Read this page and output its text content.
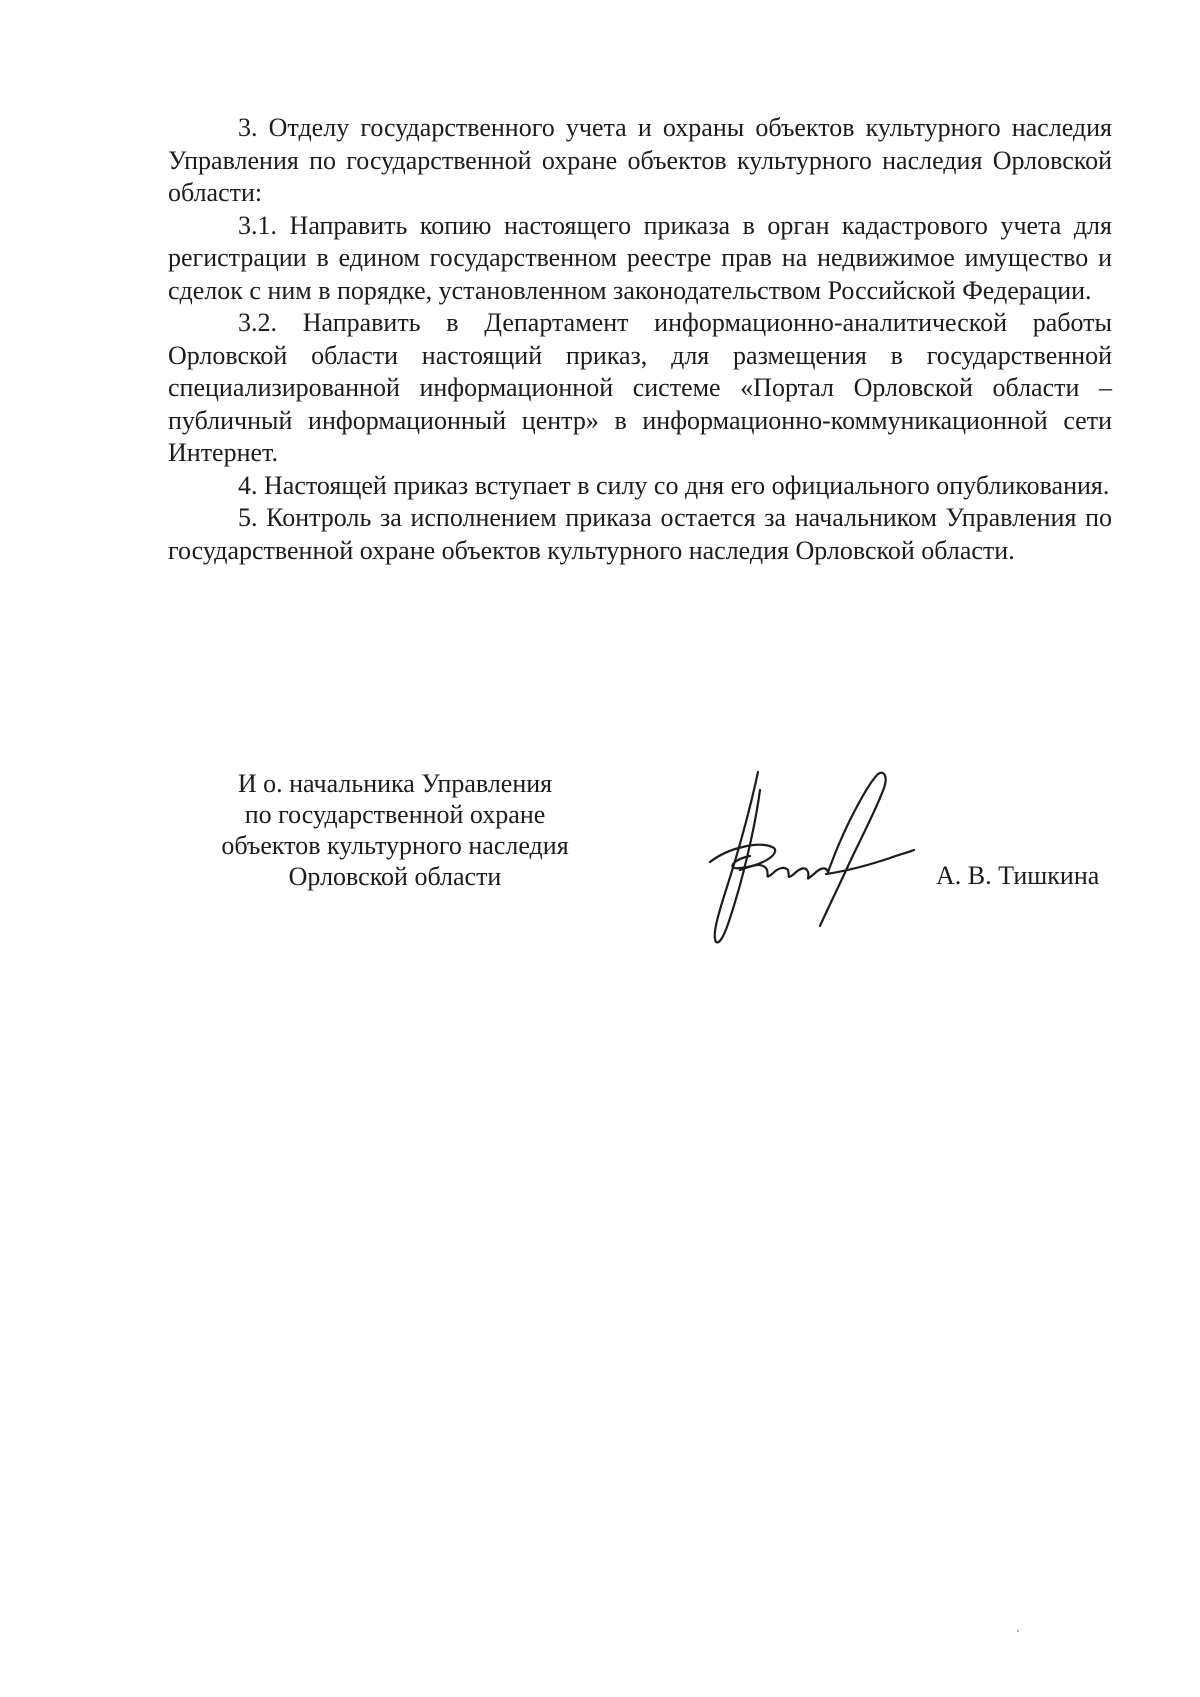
3. Отделу государственного учета и охраны объектов культурного наследия Управления по государственной охране объектов культурного наследия Орловской области:

3.1. Направить копию настоящего приказа в орган кадастрового учета для регистрации в едином государственном реестре прав на недвижимое имущество и сделок с ним в порядке, установленном законодательством Российской Федерации.

3.2. Направить в Департамент информационно-аналитической работы Орловской области настоящий приказ, для размещения в государственной специализированной информационной системе «Портал Орловской области – публичный информационный центр» в информационно-коммуникационной сети Интернет.

4. Настоящей приказ вступает в силу со дня его официального опубликования.

5. Контроль за исполнением приказа остается за начальником Управления по государственной охране объектов культурного наследия Орловской области.

И о. начальника Управления
по государственной охране
объектов культурного наследия
Орловской области	А. В. Тишкина
